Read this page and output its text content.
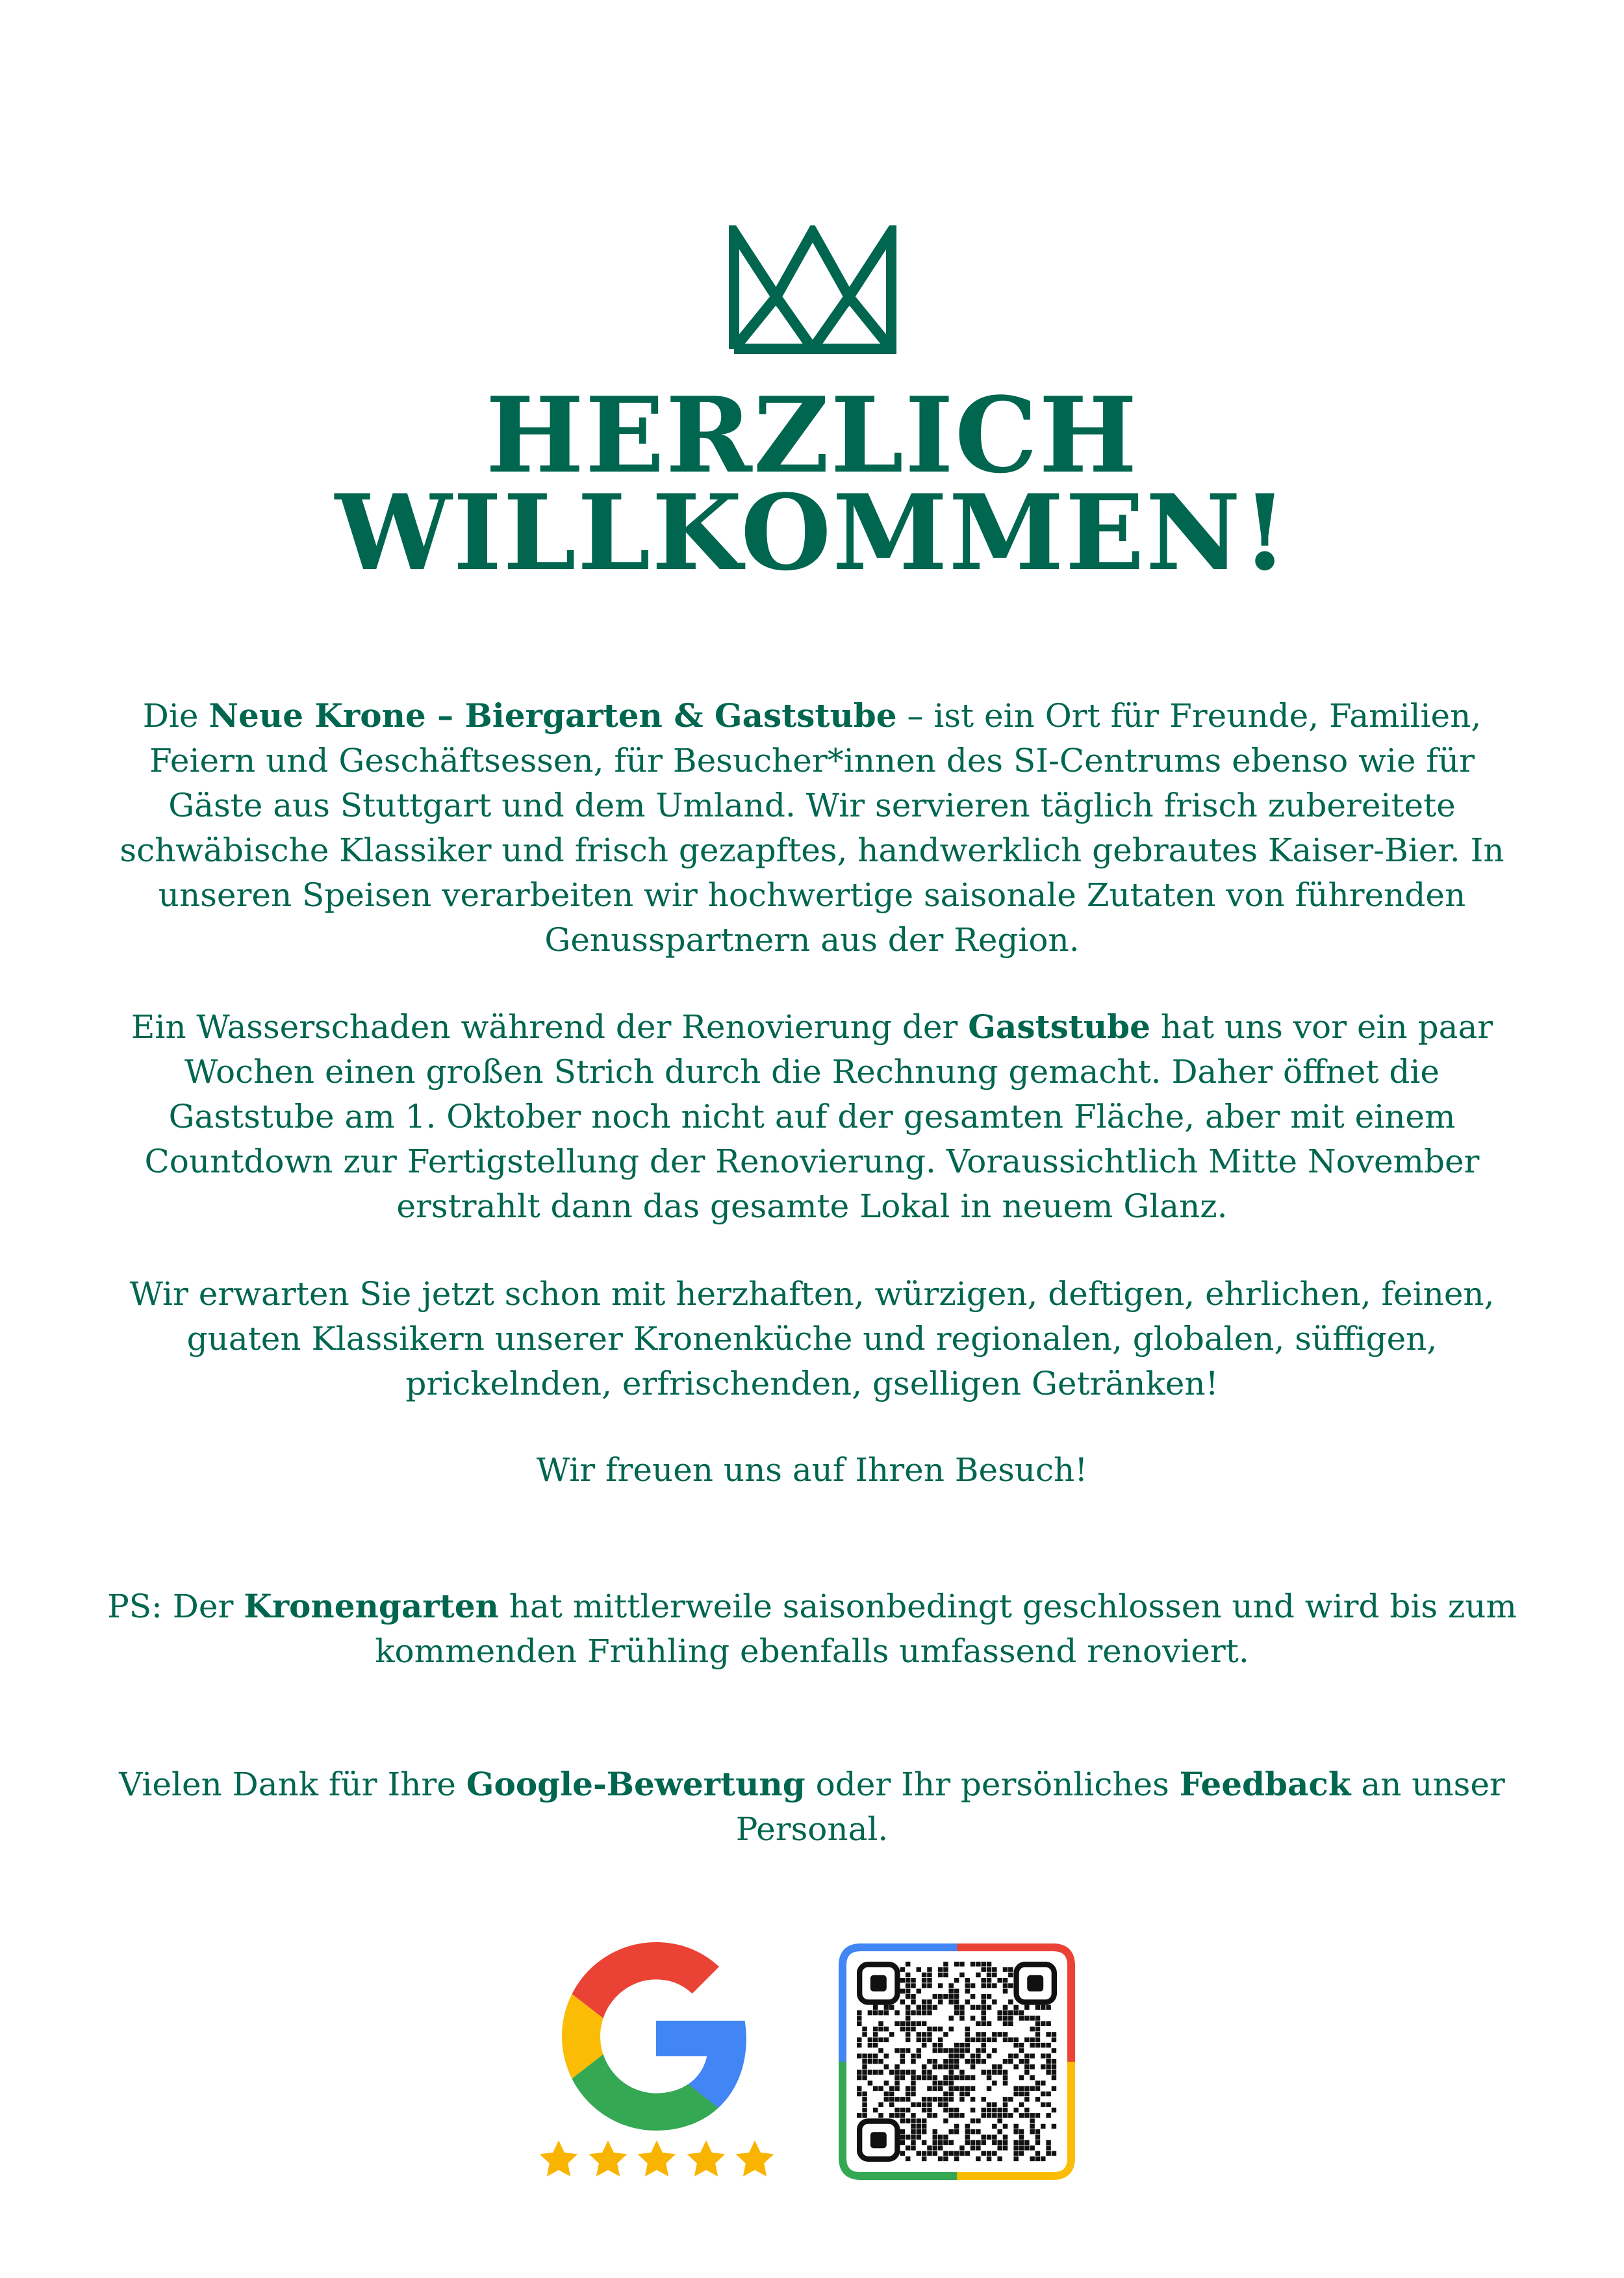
HERZLICH
WILLKOMMEN!

Die Neue Krone – Biergarten & Gaststube – ist ein Ort für Freunde, Familien, Feiern und Geschäftsessen, für Besucher*innen des SI-Centrums ebenso wie für Gäste aus Stuttgart und dem Umland. Wir servieren täglich frisch zubereitete schwäbische Klassiker und frisch gezapftes, handwerklich gebrautes Kaiser-Bier. In unseren Speisen verarbeiten wir hochwertige saisonale Zutaten von führenden Genusspartnern aus der Region.

Ein Wasserschaden während der Renovierung der Gaststube hat uns vor ein paar Wochen einen großen Strich durch die Rechnung gemacht. Daher öffnet die Gaststube am 1. Oktober noch nicht auf der gesamten Fläche, aber mit einem Countdown zur Fertigstellung der Renovierung. Voraussichtlich Mitte November erstrahlt dann das gesamte Lokal in neuem Glanz.

Wir erwarten Sie jetzt schon mit herzhaften, würzigen, deftigen, ehrlichen, feinen, guaten Klassikern unserer Kronenküche und regionalen, globalen, süffigen, prickelnden, erfrischenden, gselligen Getränken!

Wir freuen uns auf Ihren Besuch!

PS: Der Kronengarten hat mittlerweile saisonbedingt geschlossen und wird bis zum kommenden Frühling ebenfalls umfassend renoviert.

Vielen Dank für Ihre Google-Bewertung oder Ihr persönliches Feedback an unser Personal.
